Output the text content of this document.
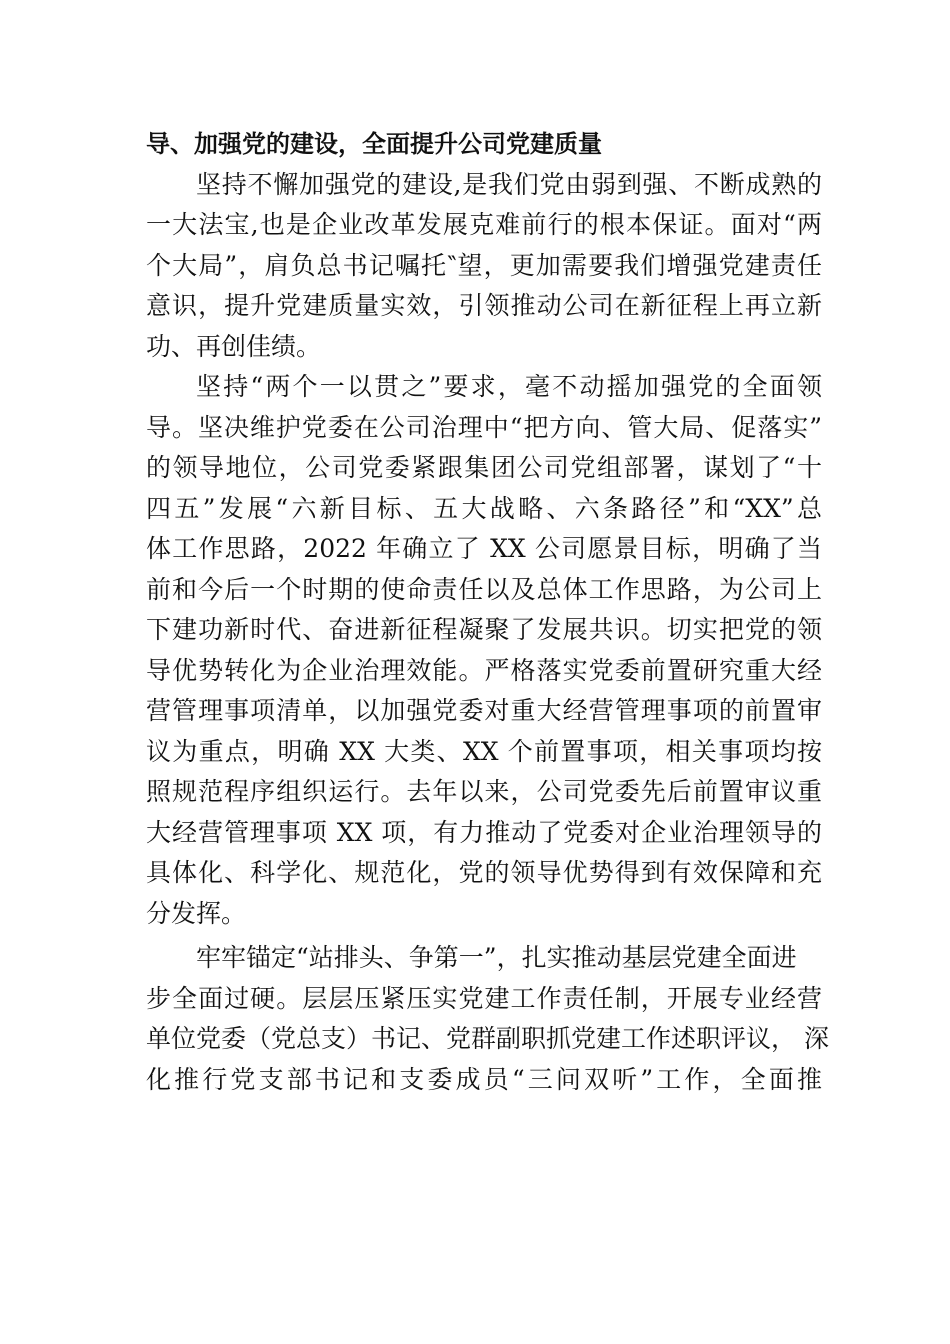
导、加强党的建设，全面提升公司党建质量

坚持不懈加强党的建设,是我们党由弱到强、不断成熟的
一大法宝,也是企业改革发展克难前行的根本保证。面对“两
个大局”，肩负总书记嘱托‶望，更加需要我们增强党建责任
意识，提升党建质量实效，引领推动公司在新征程上再立新
功、再创佳绩。

坚持“两个一以贯之”要求，毫不动摇加强党的全面领
导。坚决维护党委在公司治理中“把方向、管大局、促落实”
的领导地位，公司党委紧跟集团公司党组部署，谋划了“十
四五”发展“六新目标、五大战略、六条路径”和“XX”总
体工作思路，2022 年确立了 XX 公司愿景目标，明确了当
前和今后一个时期的使命责任以及总体工作思路，为公司上
下建功新时代、奋进新征程凝聚了发展共识。切实把党的领
导优势转化为企业治理效能。严格落实党委前置研究重大经
营管理事项清单，以加强党委对重大经营管理事项的前置审
议为重点，明确 XX 大类、XX 个前置事项，相关事项均按
照规范程序组织运行。去年以来，公司党委先后前置审议重
大经营管理事项 XX 项，有力推动了党委对企业治理领导的
具体化、科学化、规范化，党的领导优势得到有效保障和充
分发挥。

牢牢锚定“站排头、争第一”，扎实推动基层党建全面进
步全面过硬。层层压紧压实党建工作责任制，开展专业经营
单位党委（党总支）书记、党群副职抓党建工作述职评议， 深
化推行党支部书记和支委成员“三问双听”工作，全面推
